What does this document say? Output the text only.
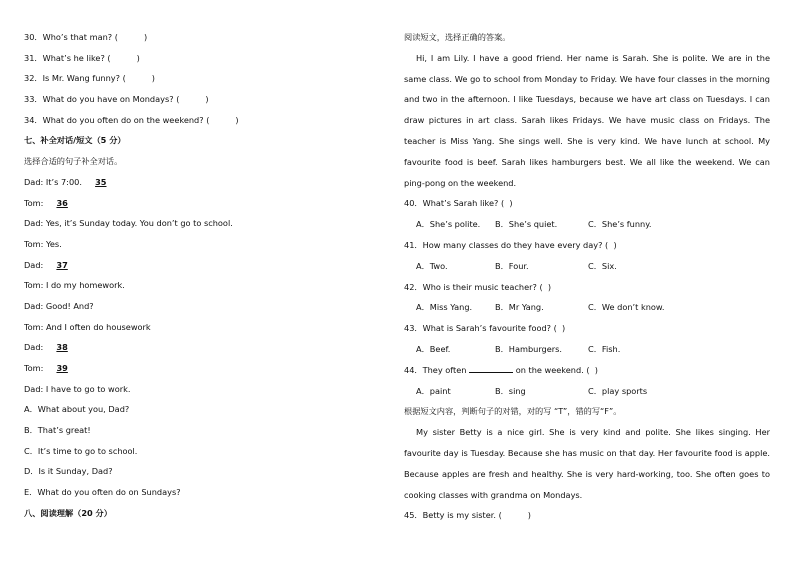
30．Who’s that man? (	)
31．What’s he like? (	)
32．Is Mr. Wang funny? (	)
33．What do you have on Mondays? (	)
34．What do you often do on the weekend? (	)
七、补全对话/短文（5 分）
选择合适的句子补全对话。
Dad: It’s 7:00. 35
Tom: 36
Dad: Yes, it’s Sunday today. You don’t go to school.
Tom: Yes.
Dad: 37
Tom: I do my homework.
Dad: Good! And?
Tom: And I often do housework
Dad: 38
Tom: 39
Dad: I have to go to work.
A．What about you, Dad?
B．That’s great!
C．It’s time to go to school.
D．Is it Sunday, Dad?
E．What do you often do on Sundays?
八、阅读理解（20 分）
阅读短文，选择正确的答案。
Hi, I am Lily. I have a good friend. Her name is Sarah. She is polite. We are in the
same class. We go to school from Monday to Friday. We have four classes in the morning
and two in the afternoon. I like Tuesdays, because we have art class on Tuesdays. I can
draw pictures in art class. Sarah likes Fridays. We have music class on Fridays. The
teacher is Miss Yang. She sings well. She is very kind. We have lunch at school. My
favourite food is beef. Sarah likes hamburgers best. We all like the weekend. We can
ping-pong on the weekend.
40．What’s Sarah like? ( )
A．She’s polite. B．She’s quiet.	C．She’s funny.
41．How many classes do they have every day? ( )
A．Two.	B．Four.	C．Six.
42．Who is their music teacher? ( )
A．Miss Yang.	B．Mr Yang.	C．We don’t know.
43．What is Sarah’s favourite food? ( )
A．Beef.	B．Hamburgers.	C．Fish.
44．They often	on the weekend. ( )
A．paint	B．sing	C．play sports
根据短文内容，判断句子的对错，对的写 “T”，错的写“F”。
My sister Betty is a nice girl. She is very kind and polite. She likes singing. Her
favourite day is Tuesday. Because she has music on that day. Her favourite food is apple.
Because apples are fresh and healthy. She is very hard-working, too. She often goes to
cooking classes with grandma on Mondays.
45．Betty is my sister. (	)
